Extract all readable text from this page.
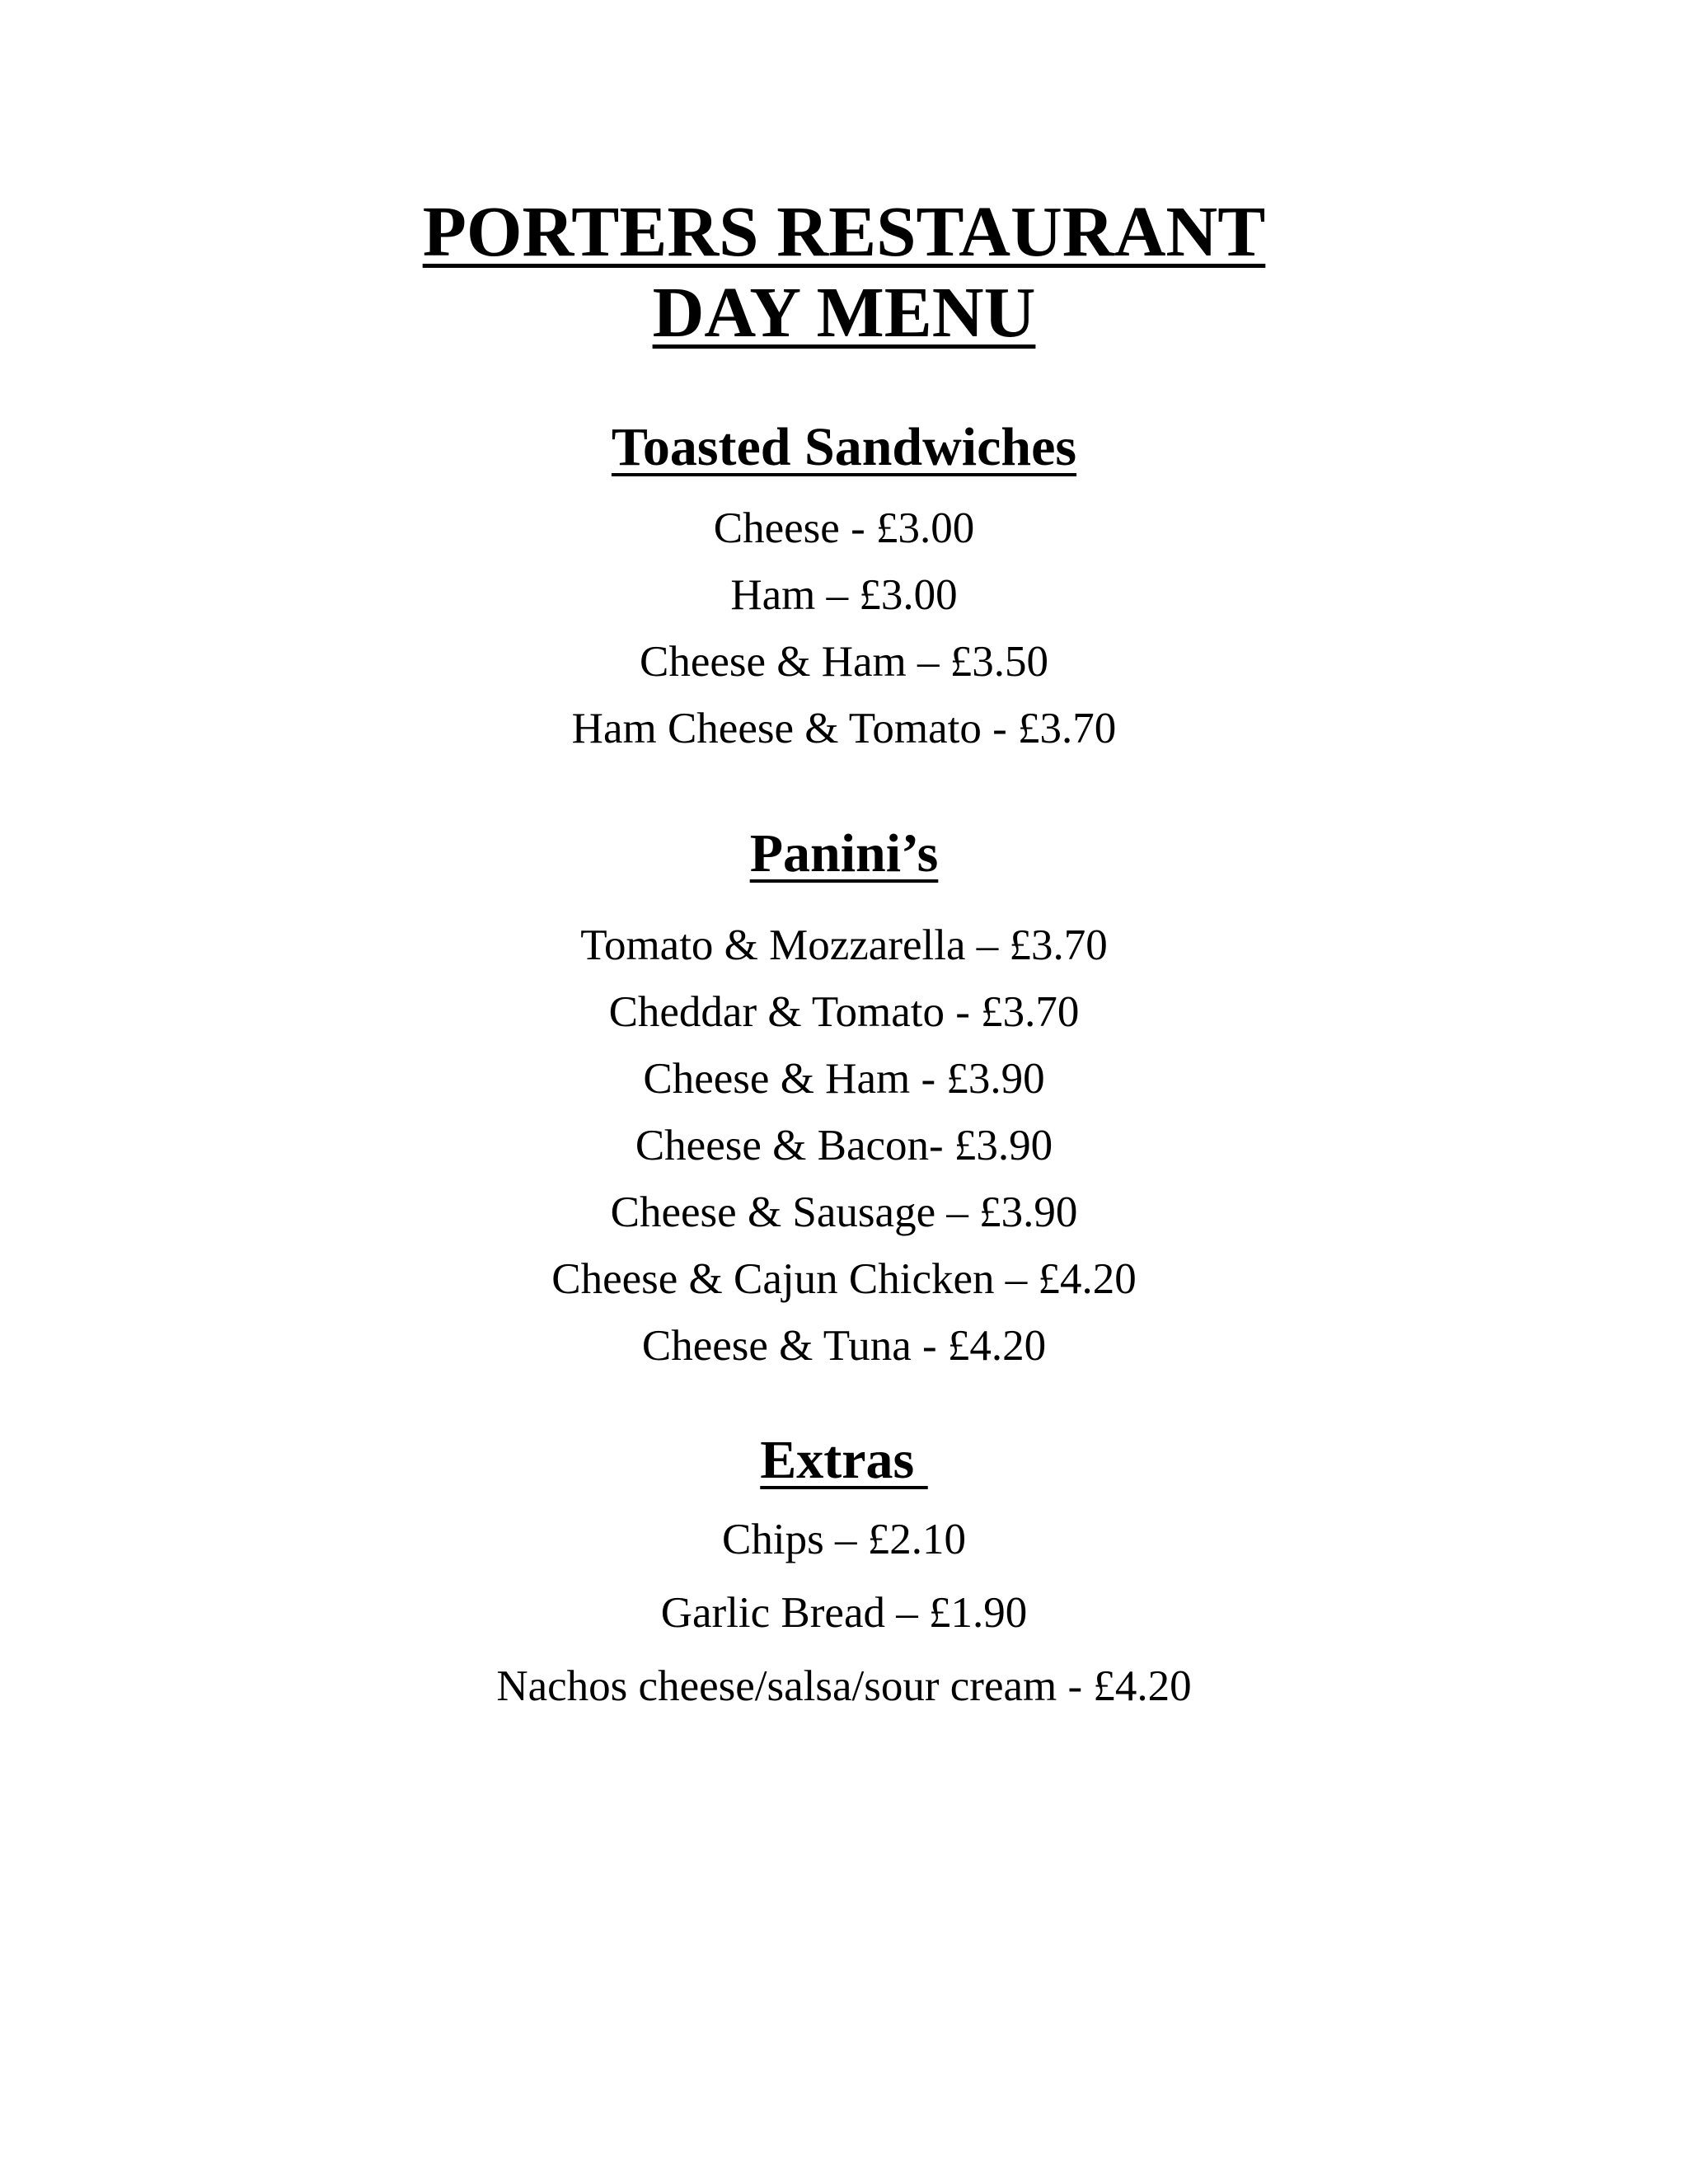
PORTERS RESTAURANT
DAY MENU
Toasted Sandwiches
Cheese - £3.00
Ham – £3.00
Cheese & Ham – £3.50
Ham Cheese & Tomato - £3.70
Panini’s
Tomato & Mozzarella – £3.70
Cheddar & Tomato - £3.70
Cheese & Ham - £3.90
Cheese & Bacon- £3.90
Cheese & Sausage – £3.90
Cheese & Cajun Chicken – £4.20
Cheese & Tuna - £4.20
Extras
Chips – £2.10
Garlic Bread – £1.90
Nachos cheese/salsa/sour cream - £4.20
